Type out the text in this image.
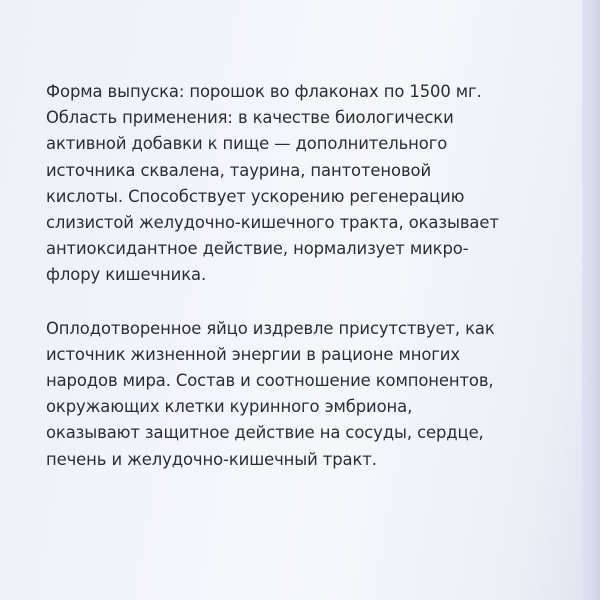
Форма выпуска: порошок во флаконах по 1500 мг.
Область применения: в качестве биологически
активной добавки к пище — дополнительного
источника сквалена, таурина, пантотеновой
кислоты. Способствует ускорению регенерацию
слизистой желудочно-кишечного тракта, оказывает
антиоксидантное действие, нормализует микро-
флору кишечника.
Оплодотворенное яйцо издревле присутствует, как
источник жизненной энергии в рационе многих
народов мира. Состав и соотношение компонентов,
окружающих клетки куринного эмбриона,
оказывают защитное действие на сосуды, сердце,
печень и желудочно-кишечный тракт.
